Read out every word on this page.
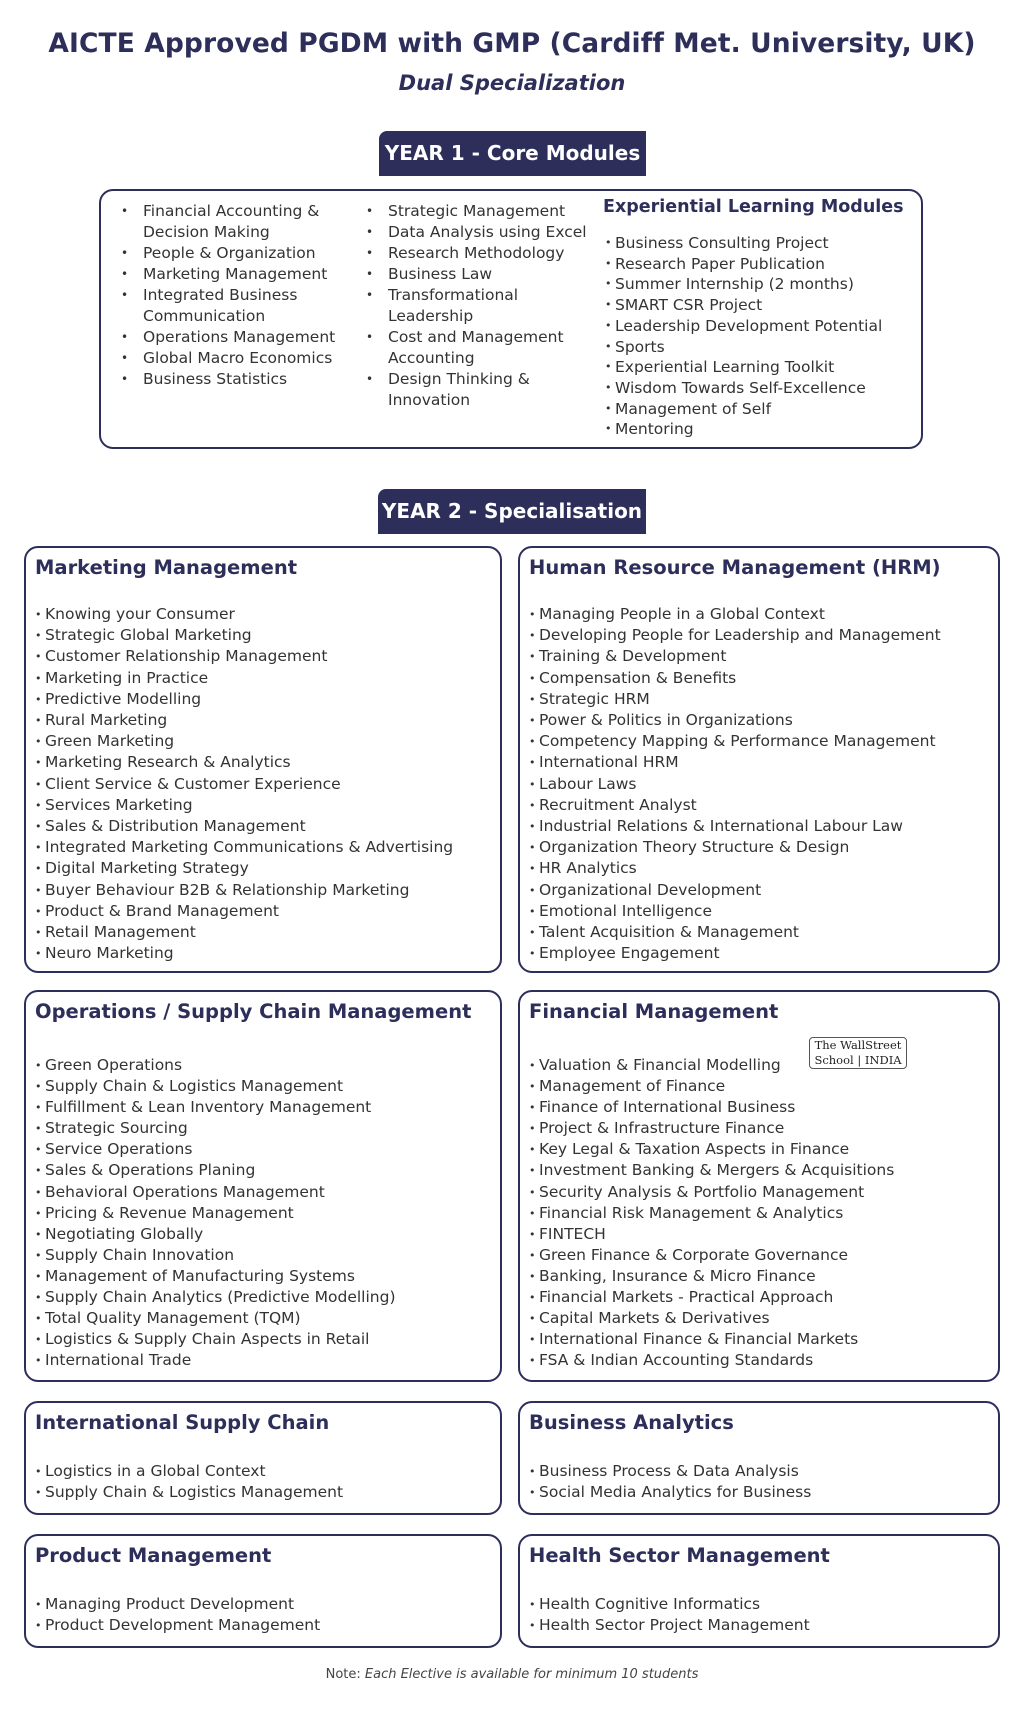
AICTE Approved PGDM with GMP (Cardiff Met. University, UK)
Dual Specialization
YEAR 1 - Core Modules
• Financial Accounting & Decision Making
• People & Organization
• Marketing Management
• Integrated Business Communication
• Operations Management
• Global Macro Economics
• Business Statistics
• Strategic Management
• Data Analysis using Excel
• Research Methodology
• Business Law
• Transformational Leadership
• Cost and Management Accounting
• Design Thinking & Innovation
Experiential Learning Modules
• Business Consulting Project
• Research Paper Publication
• Summer Internship (2 months)
• SMART CSR Project
• Leadership Development Potential
• Sports
• Experiential Learning Toolkit
• Wisdom Towards Self-Excellence
• Management of Self
• Mentoring
YEAR 2 - Specialisation
Marketing Management
• Knowing your Consumer
• Strategic Global Marketing
• Customer Relationship Management
• Marketing in Practice
• Predictive Modelling
• Rural Marketing
• Green Marketing
• Marketing Research & Analytics
• Client Service & Customer Experience
• Services Marketing
• Sales & Distribution Management
• Integrated Marketing Communications & Advertising
• Digital Marketing Strategy
• Buyer Behaviour B2B & Relationship Marketing
• Product & Brand Management
• Retail Management
• Neuro Marketing
Human Resource Management (HRM)
• Managing People in a Global Context
• Developing People for Leadership and Management
• Training & Development
• Compensation & Benefits
• Strategic HRM
• Power & Politics in Organizations
• Competency Mapping & Performance Management
• International HRM
• Labour Laws
• Recruitment Analyst
• Industrial Relations & International Labour Law
• Organization Theory Structure & Design
• HR Analytics
• Organizational Development
• Emotional Intelligence
• Talent Acquisition & Management
• Employee Engagement
Operations / Supply Chain Management
• Green Operations
• Supply Chain & Logistics Management
• Fulfillment & Lean Inventory Management
• Strategic Sourcing
• Service Operations
• Sales & Operations Planing
• Behavioral Operations Management
• Pricing & Revenue Management
• Negotiating Globally
• Supply Chain Innovation
• Management of Manufacturing Systems
• Supply Chain Analytics (Predictive Modelling)
• Total Quality Management (TQM)
• Logistics & Supply Chain Aspects in Retail
• International Trade
Financial Management
• Valuation & Financial Modelling
• Management of Finance
• Finance of International Business
• Project & Infrastructure Finance
• Key Legal & Taxation Aspects in Finance
• Investment Banking & Mergers & Acquisitions
• Security Analysis & Portfolio Management
• Financial Risk Management & Analytics
• FINTECH
• Green Finance & Corporate Governance
• Banking, Insurance & Micro Finance
• Financial Markets - Practical Approach
• Capital Markets & Derivatives
• International Finance & Financial Markets
• FSA & Indian Accounting Standards
The WallStreet
School | INDIA
International Supply Chain
• Logistics in a Global Context
• Supply Chain & Logistics Management
Business Analytics
• Business Process & Data Analysis
• Social Media Analytics for Business
Product Management
• Managing Product Development
• Product Development Management
Health Sector Management
• Health Cognitive Informatics
• Health Sector Project Management
Note: Each Elective is available for minimum 10 students
